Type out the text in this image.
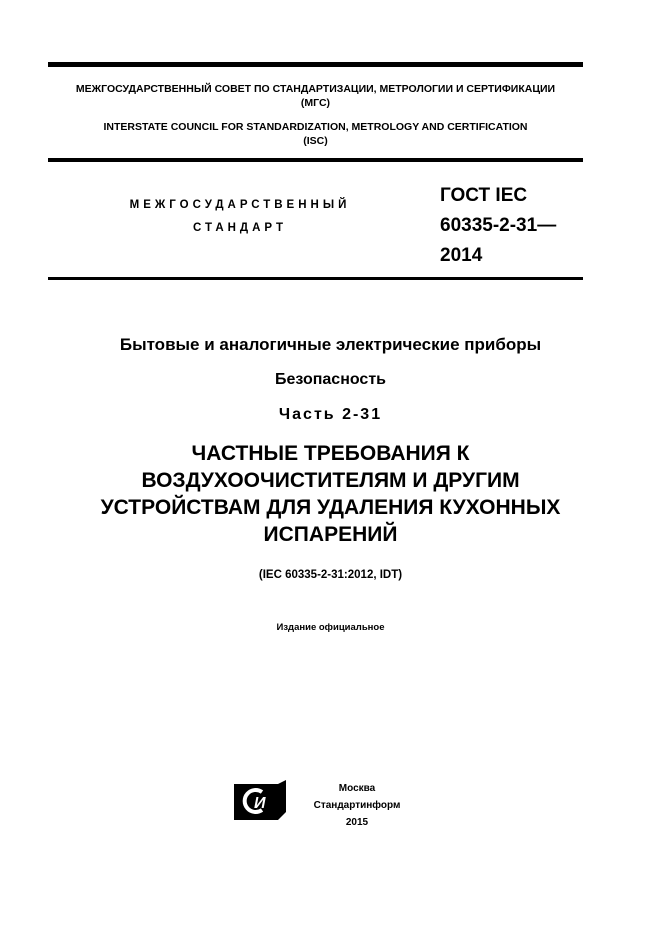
МЕЖГОСУДАРСТВЕННЫЙ СОВЕТ ПО СТАНДАРТИЗАЦИИ, МЕТРОЛОГИИ И СЕРТИФИКАЦИИ
(МГС)
INTERSTATE COUNCIL FOR STANDARDIZATION, METROLOGY AND CERTIFICATION
(ISC)
МЕЖГОСУДАРСТВЕННЫЙ
СТАНДАРТ
ГОСТ IEC
60335-2-31—
2014
Бытовые и аналогичные электрические приборы
Безопасность
Часть 2-31
ЧАСТНЫЕ ТРЕБОВАНИЯ К
ВОЗДУХООЧИСТИТЕЛЯМ И ДРУГИМ
УСТРОЙСТВАМ ДЛЯ УДАЛЕНИЯ КУХОННЫХ
ИСПАРЕНИЙ
(IEC 60335-2-31:2012, IDT)
Издание официальное
И
Москва
Стандартинформ
2015
